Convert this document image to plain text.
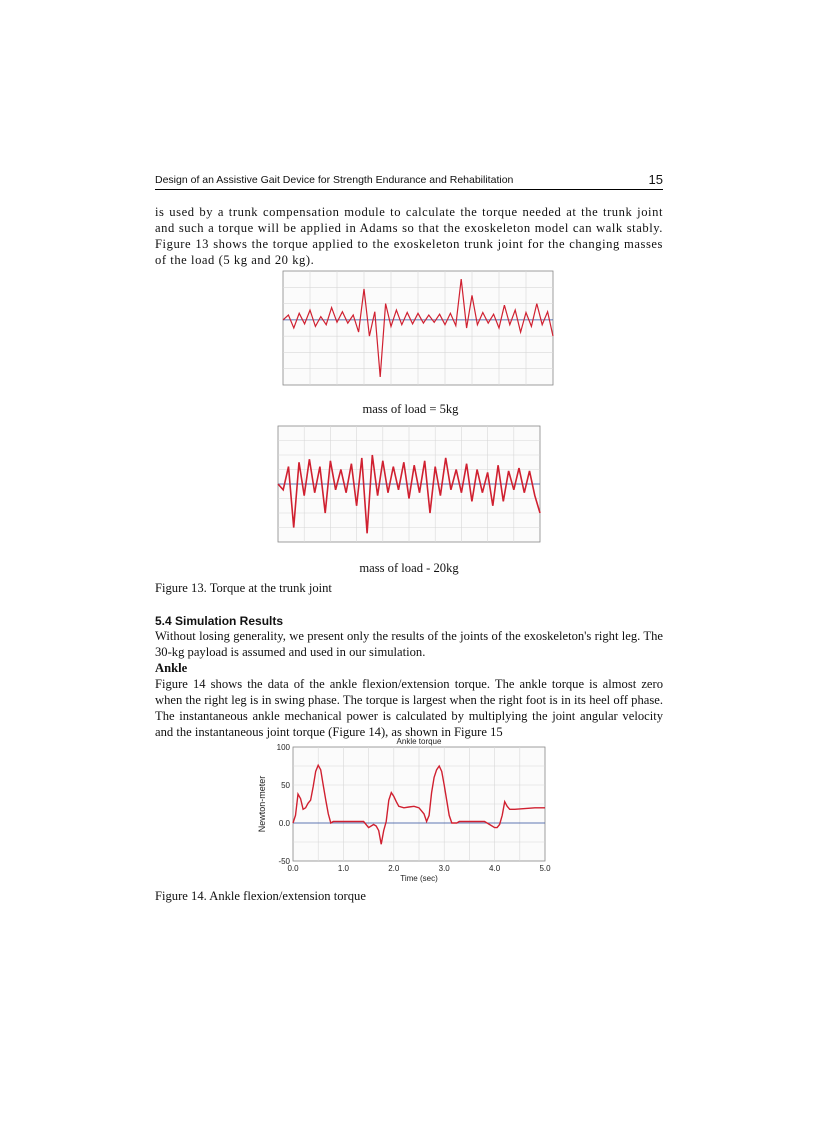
Design of an Assistive Gait Device for Strength Endurance and Rehabilitation	15

is used by a trunk compensation module to calculate the torque needed at the trunk joint and such a torque will be applied in Adams so that the exoskeleton model can walk stably. Figure 13 shows the torque applied to the exoskeleton trunk joint for the changing masses of the load (5 kg and 20 kg).

mass of load = 5kg
mass of load - 20kg
Figure 13. Torque at the trunk joint
5.4 Simulation Results

Without losing generality, we present only the results of the joints of the exoskeleton's right leg. The 30-kg payload is assumed and used in our simulation.

Ankle

Figure 14 shows the data of the ankle flexion/extension torque. The ankle torque is almost zero when the right leg is in swing phase. The torque is largest when the right foot is in its heel off phase. The instantaneous ankle mechanical power is calculated by multiplying the joint angular velocity and the instantaneous joint torque (Figure 14), as shown in Figure 15

0.0	1.0	2.0	3.0	4.0	5.0
-50
0.0
50
100
Ankle torque
Time (sec)
Newton-meter
Figure 14. Ankle flexion/extension torque
